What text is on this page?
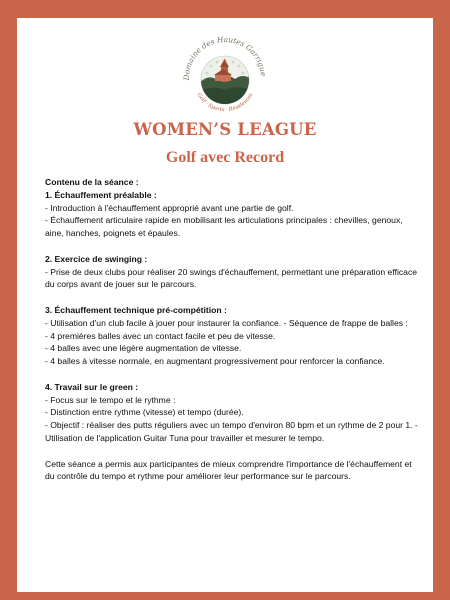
Domaine des Hautes Garrigue
Golf · Sports · Résidences
WOMEN’S LEAGUE
Golf avec Record

Contenu de la séance :

1. Échauffement préalable :

- Introduction à l'échauffement approprié avant une partie de golf.

- Échauffement articulaire rapide en mobilisant les articulations principales : chevilles, genoux, aine, hanches, poignets et épaules.

2. Exercice de swinging :

- Prise de deux clubs pour réaliser 20 swings d'échauffement, permettant une préparation efficace

du corps avant de jouer sur le parcours.

3. Échauffement technique pré-compétition :

- Utilisation d'un club facile à jouer pour instaurer la confiance. - Séquence de frappe de balles :

- 4 premières balles avec un contact facile et peu de vitesse.

- 4 balles avec une légère augmentation de vitesse.

- 4 balles à vitesse normale, en augmentant progressivement pour renforcer la confiance.

4. Travail sur le green :

- Focus sur le tempo et le rythme :

- Distinction entre rythme (vitesse) et tempo (durée).

- Objectif : réaliser des putts réguliers avec un tempo d'environ 80 bpm et un rythme de 2 pour 1. - Utilisation de l'application Guitar Tuna pour travailler et mesurer le tempo.

Cette séance a permis aux participantes de mieux comprendre l'importance de l'échauffement et du contrôle du tempo et rythme pour améliorer leur performance sur le parcours.
